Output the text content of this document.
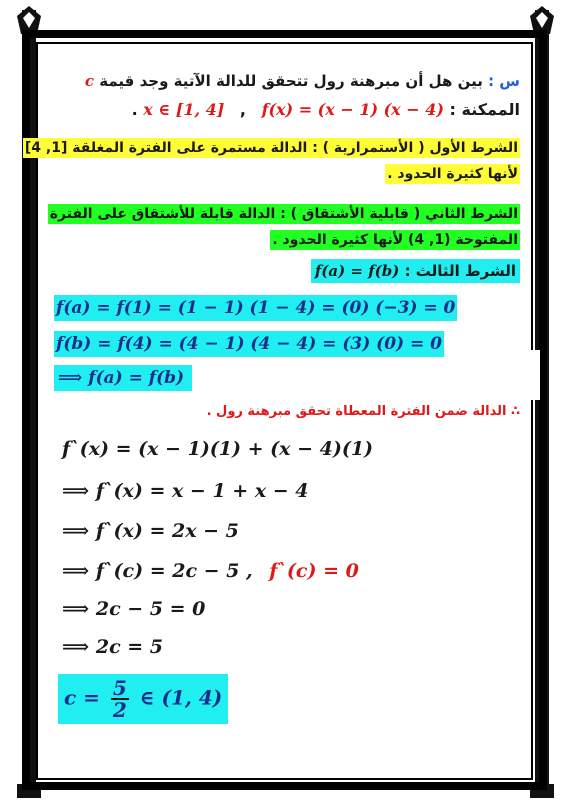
س : بين هل أن مبرهنة رول تتحقق للدالة الآتية وجد قيمة c
الممكنة : x ∈ [1, 4] , f(x) = (x − 1) (x − 4) .
الشرط الأول ( الأستمرارية ) : الدالة مستمرة على الفترة المغلقة [1, 4]
لأنها كثيرة الحدود .
الشرط الثاني ( قابلية الأشتقاق ) : الدالة قابلة للأشتقاق على الفترة
المفتوحة (1, 4) لأنها كثيرة الحدود .
الشرط الثالث : f(a) = f(b)
f(a) = f(1) = (1 − 1) (1 − 4) = (0) (−3) = 0
f(b) = f(4) = (4 − 1) (4 − 4) = (3) (0) = 0
⟹ f(a) = f(b)
∴ الدالة ضمن الفترة المعطاة تحقق مبرهنة رول .
f`(x) = (x − 1)(1) + (x − 4)(1)
⟹ f`(x) = x − 1 + x − 4
⟹ f`(x) = 2x − 5
⟹ f`(c) = 2c − 5 , f`(c) = 0
⟹ 2c − 5 = 0
⟹ 2c = 5
$c = \frac{5}{2}$ ∈ (1, 4)
